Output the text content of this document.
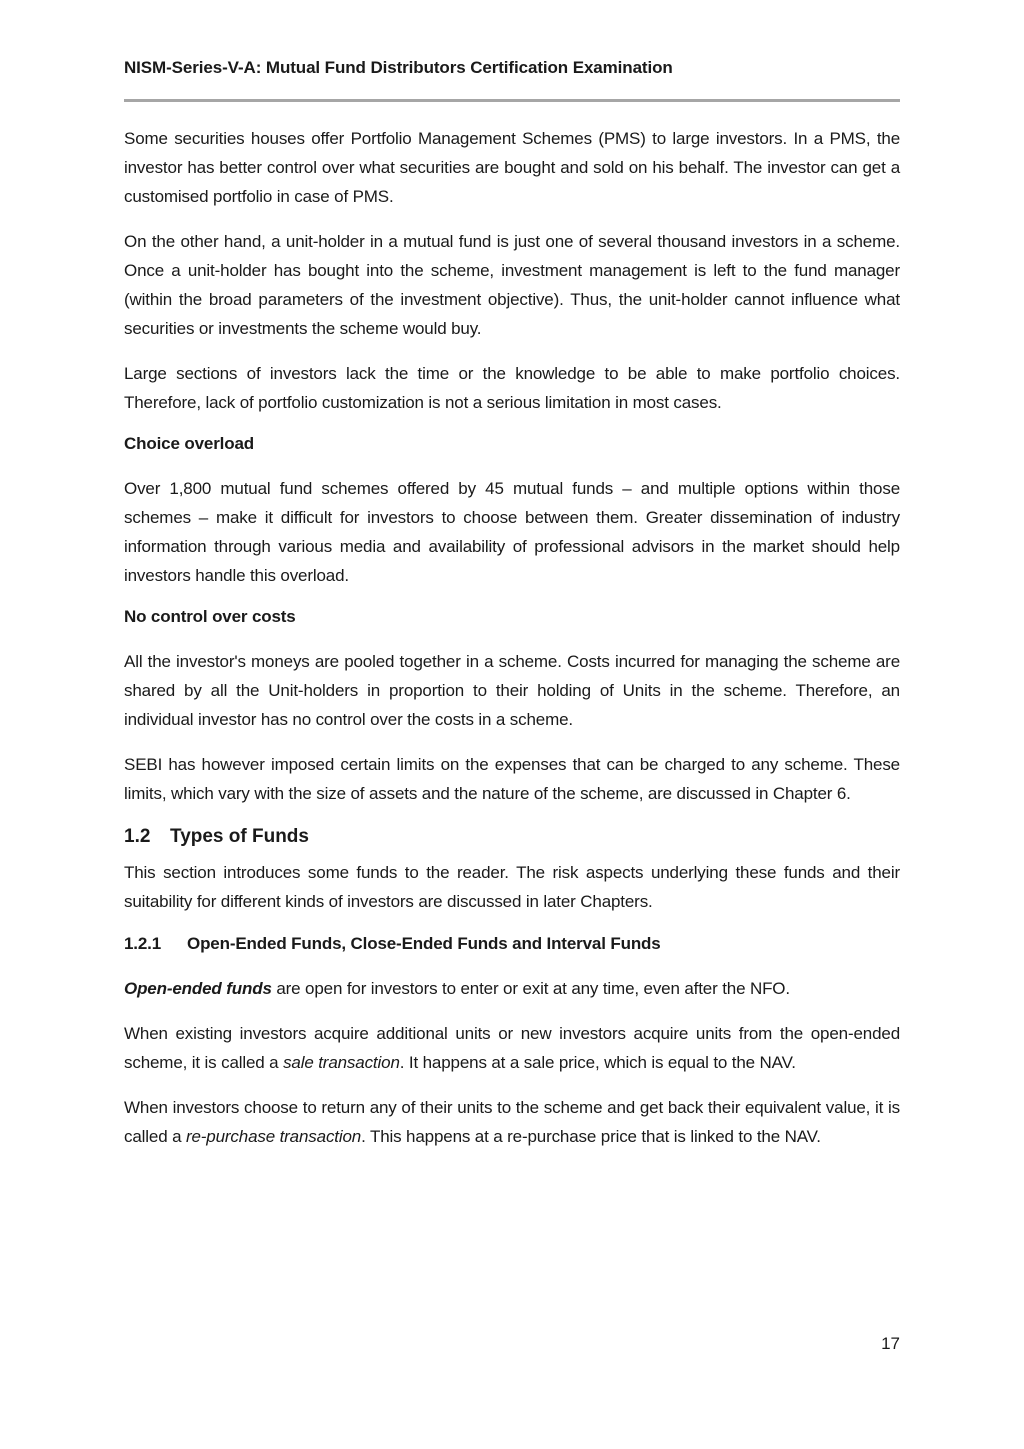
NISM-Series-V-A: Mutual Fund Distributors Certification Examination

Some securities houses offer Portfolio Management Schemes (PMS) to large investors. In a PMS, the investor has better control over what securities are bought and sold on his behalf. The investor can get a customised portfolio in case of PMS.

On the other hand, a unit-holder in a mutual fund is just one of several thousand investors in a scheme. Once a unit-holder has bought into the scheme, investment management is left to the fund manager (within the broad parameters of the investment objective). Thus, the unit-holder cannot influence what securities or investments the scheme would buy.

Large sections of investors lack the time or the knowledge to be able to make portfolio choices. Therefore, lack of portfolio customization is not a serious limitation in most cases.

Choice overload

Over 1,800 mutual fund schemes offered by 45 mutual funds – and multiple options within those schemes – make it difficult for investors to choose between them. Greater dissemination of industry information through various media and availability of professional advisors in the market should help investors handle this overload.

No control over costs

All the investor's moneys are pooled together in a scheme. Costs incurred for managing the scheme are shared by all the Unit-holders in proportion to their holding of Units in the scheme. Therefore, an individual investor has no control over the costs in a scheme.

SEBI has however imposed certain limits on the expenses that can be charged to any scheme. These limits, which vary with the size of assets and the nature of the scheme, are discussed in Chapter 6.

1.2 Types of Funds

This section introduces some funds to the reader. The risk aspects underlying these funds and their suitability for different kinds of investors are discussed in later Chapters.

1.2.1 Open-Ended Funds, Close-Ended Funds and Interval Funds

Open-ended funds are open for investors to enter or exit at any time, even after the NFO.

When existing investors acquire additional units or new investors acquire units from the open-ended scheme, it is called a sale transaction. It happens at a sale price, which is equal to the NAV.

When investors choose to return any of their units to the scheme and get back their equivalent value, it is called a re-purchase transaction. This happens at a re-purchase price that is linked to the NAV.

17
